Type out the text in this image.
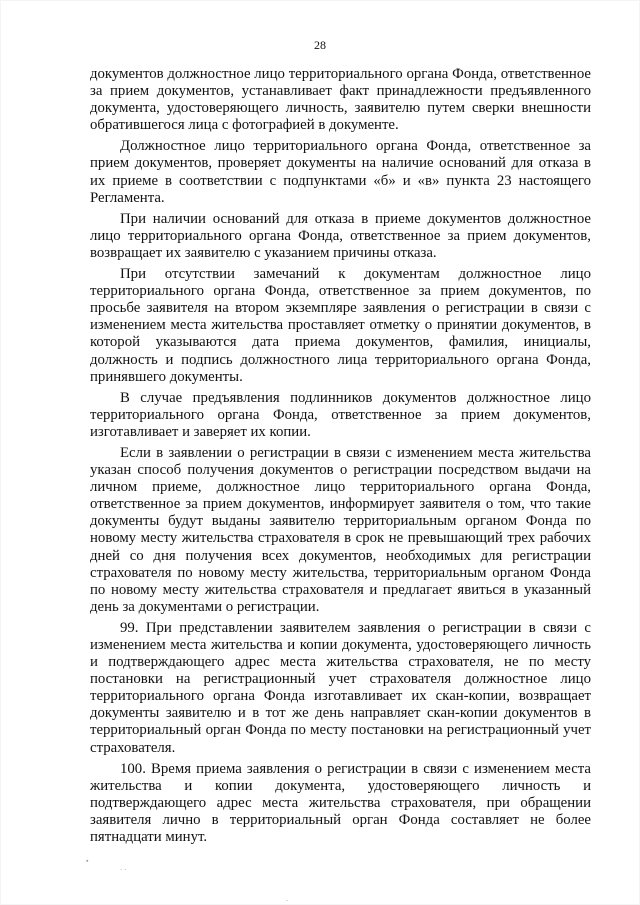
28

документов должностное лицо территориального органа Фонда, ответственное за прием документов, устанавливает факт принадлежности предъявленного документа, удостоверяющего личность, заявителю путем сверки внешности обратившегося лица с фотографией в документе.

Должностное лицо территориального органа Фонда, ответственное за прием документов, проверяет документы на наличие оснований для отказа в их приеме в соответствии с подпунктами «б» и «в» пункта 23 настоящего Регламента.

При наличии оснований для отказа в приеме документов должностное лицо территориального органа Фонда, ответственное за прием документов, возвращает их заявителю с указанием причины отказа.

При отсутствии замечаний к документам должностное лицо территориального органа Фонда, ответственное за прием документов, по просьбе заявителя на втором экземпляре заявления о регистрации в связи с изменением места жительства проставляет отметку о принятии документов, в которой указываются дата приема документов, фамилия, инициалы, должность и подпись должностного лица территориального органа Фонда, принявшего документы.

В случае предъявления подлинников документов должностное лицо территориального органа Фонда, ответственное за прием документов, изготавливает и заверяет их копии.

Если в заявлении о регистрации в связи с изменением места жительства указан способ получения документов о регистрации посредством выдачи на личном приеме, должностное лицо территориального органа Фонда, ответственное за прием документов, информирует заявителя о том, что такие документы будут выданы заявителю территориальным органом Фонда по новому месту жительства страхователя в срок не превышающий трех рабочих дней со дня получения всех документов, необходимых для регистрации страхователя по новому месту жительства, территориальным органом Фонда по новому месту жительства страхователя и предлагает явиться в указанный день за документами о регистрации.

99. При представлении заявителем заявления о регистрации в связи с изменением места жительства и копии документа, удостоверяющего личность и подтверждающего адрес места жительства страхователя, не по месту постановки на регистрационный учет страхователя должностное лицо территориального органа Фонда изготавливает их скан-копии, возвращает документы заявителю и в тот же день направляет скан-копии документов в территориальный орган Фонда по месту постановки на регистрационный учет страхователя.

100. Время приема заявления о регистрации в связи с изменением места жительства и копии документа, удостоверяющего личность и подтверждающего адрес места жительства страхователя, при обращении заявителя лично в территориальный орган Фонда составляет не более пятнадцати минут.

▪
· ·
‧
